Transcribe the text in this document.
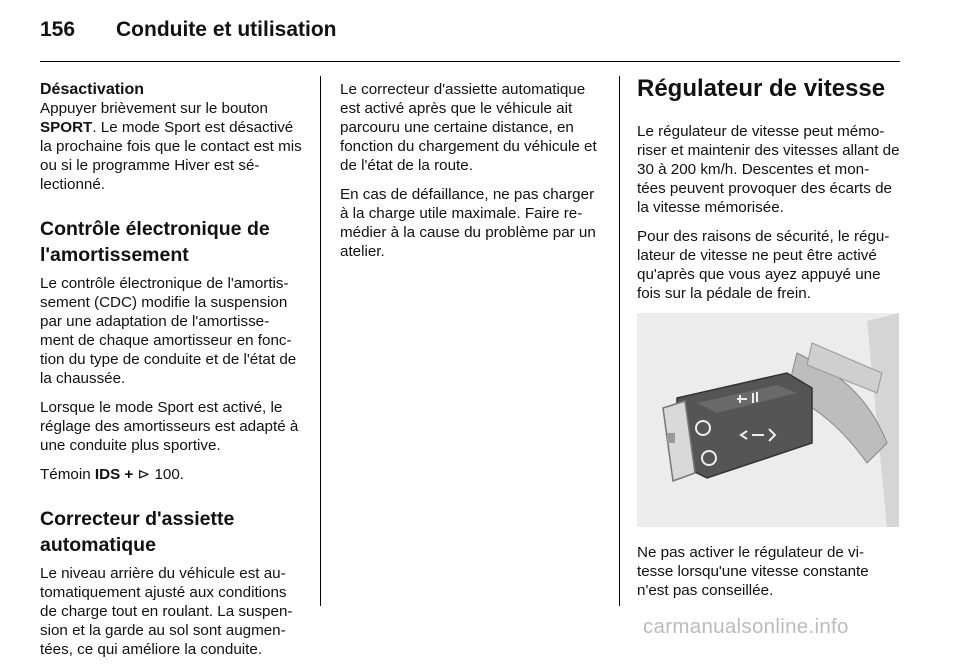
156 Conduite et utilisation
Désactivation

Appuyer brièvement sur le bouton SPORT. Le mode Sport est désactivé la prochaine fois que le contact est mis ou si le programme Hiver est sé- lectionné.

Contrôle électronique de l'amortissement

Le contrôle électronique de l'amortis- sement (CDC) modifie la suspension par une adaptation de l'amortisse- ment de chaque amortisseur en fonc- tion du type de conduite et de l'état de la chaussée.

Lorsque le mode Sport est activé, le réglage des amortisseurs est adapté à une conduite plus sportive.

Témoin IDS + ⊳ 100.

Correcteur d'assiette automatique

Le niveau arrière du véhicule est au- tomatiquement ajusté aux conditions de charge tout en roulant. La suspen- sion et la garde au sol sont augmen- tées, ce qui améliore la conduite.

Le correcteur d'assiette automatique est activé après que le véhicule ait parcouru une certaine distance, en fonction du chargement du véhicule et de l'état de la route.

En cas de défaillance, ne pas charger à la charge utile maximale. Faire re- médier à la cause du problème par un atelier.

Régulateur de vitesse

Le régulateur de vitesse peut mémo- riser et maintenir des vitesses allant de 30 à 200 km/h. Descentes et mon- tées peuvent provoquer des écarts de la vitesse mémorisée.

Pour des raisons de sécurité, le régu- lateur de vitesse ne peut être activé qu'après que vous ayez appuyé une fois sur la pédale de frein.

Ne pas activer le régulateur de vi- tesse lorsqu'une vitesse constante n'est pas conseillée.

carmanualsonline.info
